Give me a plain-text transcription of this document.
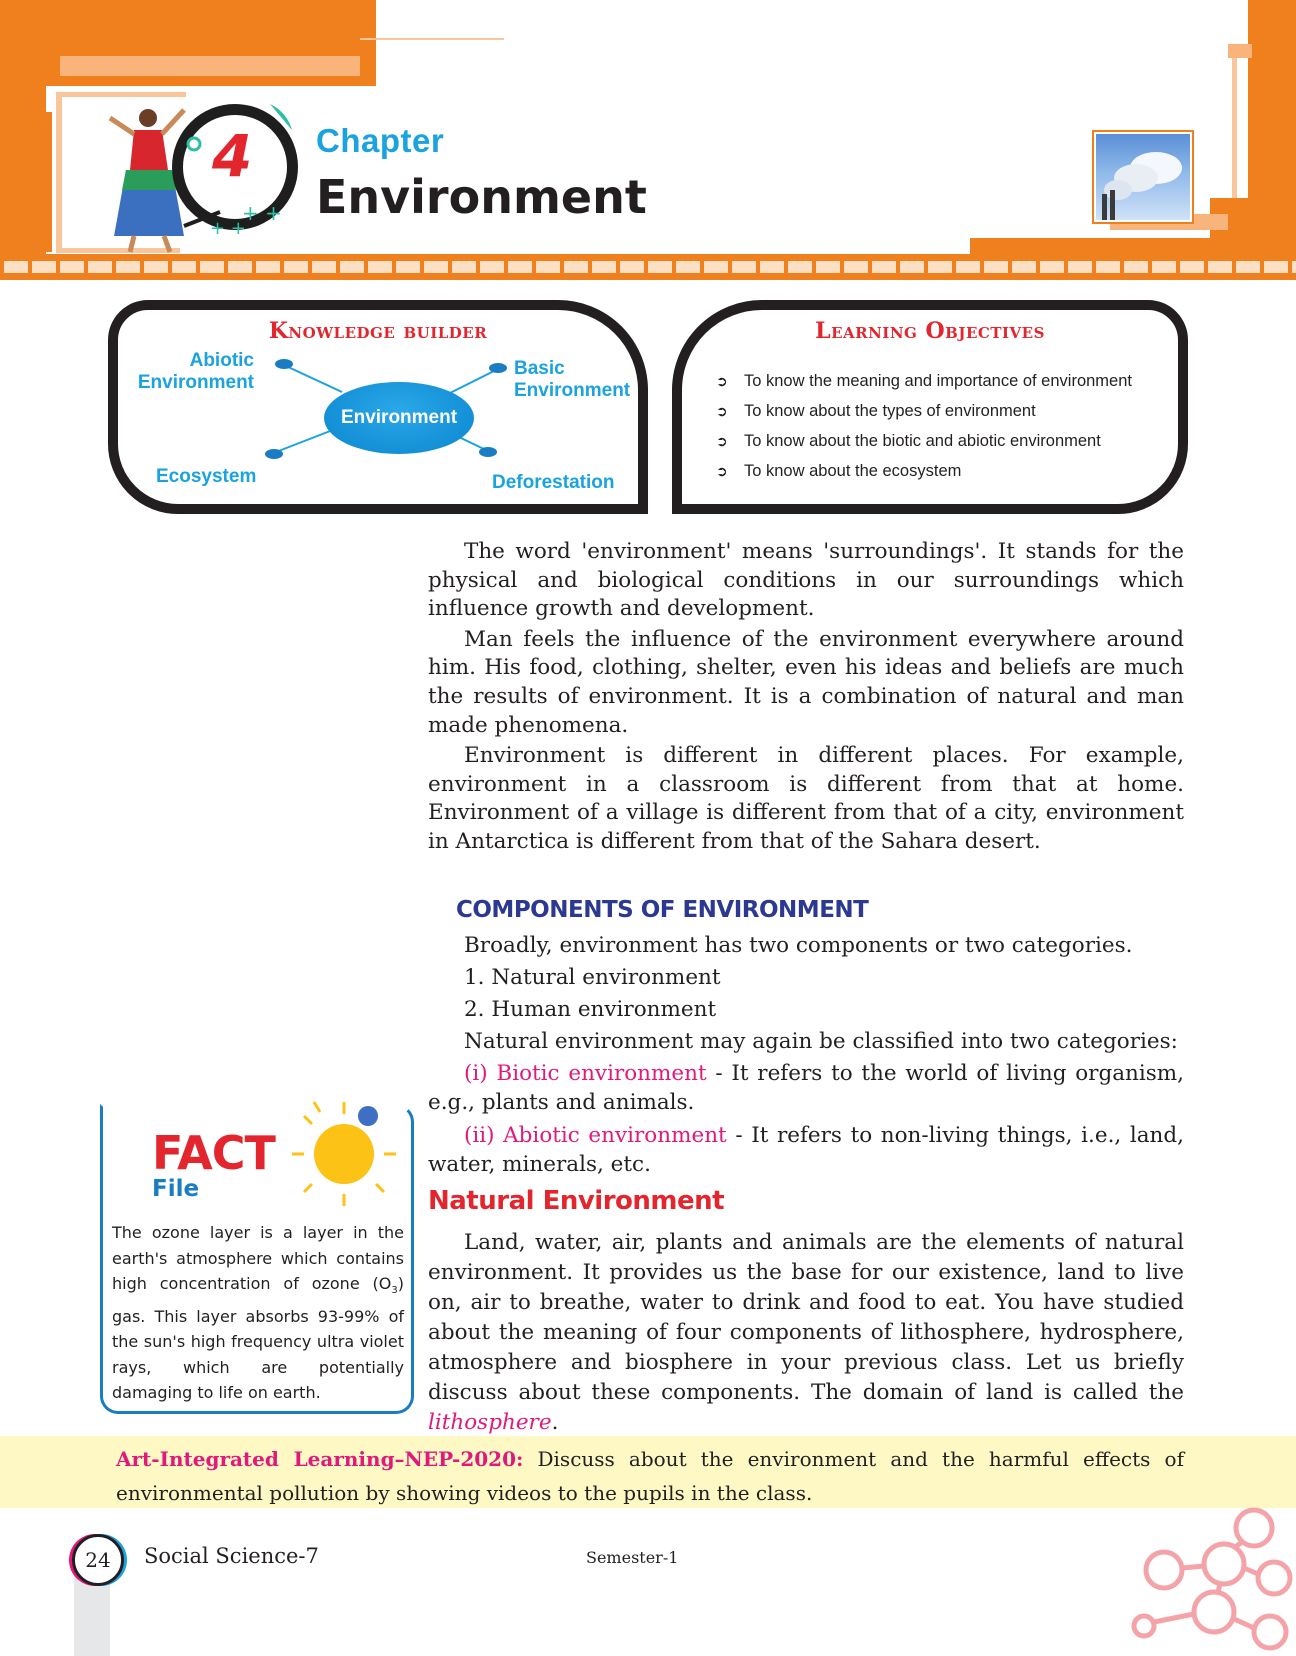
+ +
+ +
4 Chapter
Environment
Knowledge builder
Environment
Abiotic
Environment
Basic
Environment
Ecosystem	Deforestation
Learning Objectives
➲ To know the meaning and importance of environment
➲ To know about the types of environment
➲ To know about the biotic and abiotic environment
➲ To know about the ecosystem

The word 'environment' means 'surroundings'. It stands for the physical and biological conditions in our surroundings which influence growth and development.

Man feels the influence of the environment everywhere around him. His food, clothing, shelter, even his ideas and beliefs are much the results of environment. It is a combination of natural and man made phenomena.

Environment is different in different places. For example, environment in a classroom is different from that at home. Environment of a village is different from that of a city, environment in Antarctica is different from that of the Sahara desert.

COMPONENTS OF ENVIRONMENT
Broadly, environment has two components or two categories.
1. Natural environment
2. Human environment
Natural environment may again be classified into two categories:
(i) Biotic environment - It refers to the world of living organism, e.g., plants and animals.
(ii) Abiotic environment - It refers to non-living things, i.e., land, water, minerals, etc.
Natural Environment
Land, water, air, plants and animals are the elements of natural environment. It provides us the base for our existence, land to live on, air to breathe, water to drink and food to eat. You have studied about the meaning of four components of lithosphere, hydrosphere, atmosphere and biosphere in your previous class. Let us briefly discuss about these components. The domain of land is called the lithosphere.
FACT
File
The ozone layer is a layer in the earth's atmosphere which contains high concentration of ozone $(O_3)$ gas. This layer absorbs 93-99% of the sun's high frequency ultra violet rays, which are potentially damaging to life on earth.
Art-Integrated Learning–NEP-2020: Discuss about the environment and the harmful effects of environmental pollution by showing videos to the pupils in the class.
24	Social Science-7	Semester-1
